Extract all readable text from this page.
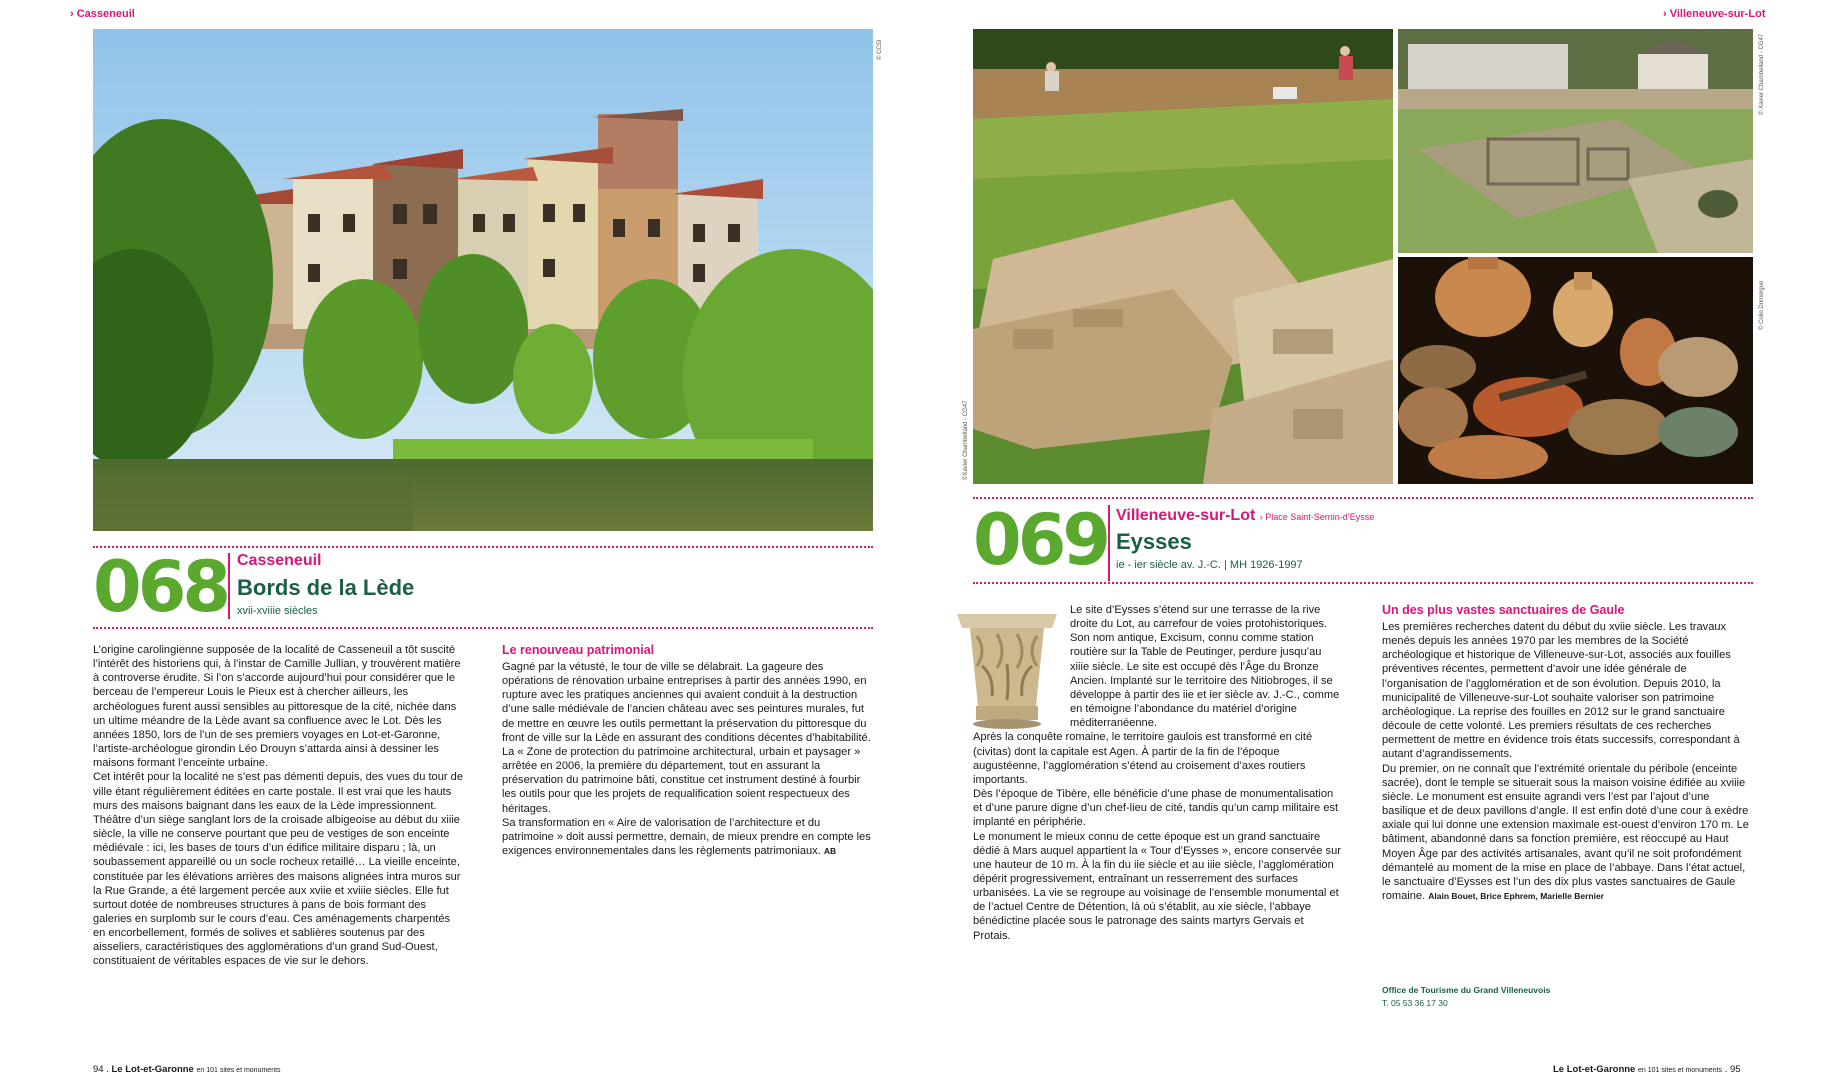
› Casseneuil
© CCSI
068 Casseneuil
Bords de la Lède
xvii-xviiie siècles

L’origine carolingienne supposée de la localité de Casseneuil a tôt suscité l’intérêt des historiens qui, à l’instar de Camille Jullian, y trouvèrent matière à controverse érudite. Si l’on s’accorde aujourd’hui pour considérer que le berceau de l’empereur Louis le Pieux est à chercher ailleurs, les archéologues furent aussi sensibles au pittoresque de la cité, nichée dans un ultime méandre de la Lède avant sa confluence avec le Lot. Dès les années 1850, lors de l’un de ses premiers voyages en Lot-et-Garonne, l’artiste-archéologue girondin Léo Drouyn s’attarda ainsi à dessiner les maisons formant l’enceinte urbaine.

Cet intérêt pour la localité ne s’est pas démenti depuis, des vues du tour de ville étant régulièrement éditées en carte postale. Il est vrai que les hauts murs des maisons baignant dans les eaux de la Lède impressionnent. Théâtre d’un siège sanglant lors de la croisade albigeoise au début du xiiie siècle, la ville ne conserve pourtant que peu de vestiges de son enceinte médiévale : ici, les bases de tours d’un édifice militaire disparu ; là, un soubassement appareillé ou un socle rocheux retaillé… La vieille enceinte, constituée par les élévations arrières des maisons alignées intra muros sur la Rue Grande, a été largement percée aux xviie et xviiie siècles. Elle fut surtout dotée de nombreuses structures à pans de bois formant des galeries en surplomb sur le cours d’eau. Ces aménagements charpentés en encorbellement, formés de solives et sablières soutenus par des aisseliers, caractéristiques des agglomérations d’un grand Sud-Ouest, constituaient de véritables espaces de vie sur le dehors.

Le renouveau patrimonial

Gagné par la vétusté, le tour de ville se délabrait. La gageure des opérations de rénovation urbaine entreprises à partir des années 1990, en rupture avec les pratiques anciennes qui avaient conduit à la destruction d’une salle médiévale de l’ancien château avec ses peintures murales, fut de mettre en œuvre les outils permettant la préservation du pittoresque du front de ville sur la Lède en assurant des conditions décentes d’habitabilité.

La « Zone de protection du patrimoine architectural, urbain et paysager » arrêtée en 2006, la première du département, tout en assurant la préservation du patrimoine bâti, constitue cet instrument destiné à fourbir les outils pour que les projets de requalification soient respectueux des héritages.

Sa transformation en « Aire de valorisation de l’architecture et du patrimoine » doit aussi permettre, demain, de mieux prendre en compte les exigences environnementales dans les règlements patrimoniaux. AB

94 . Le Lot-et-Garonne en 101 sites et monuments
› Villeneuve-sur-Lot
©Xavier Chambelland - CG47
© Xavier Chambelland - CG47
© Colin Domergue
069 Villeneuve-sur-Lot › Place Saint-Sernin-d’Eysse
Eysses
ie - ier siècle av. J.-C. | MH 1926-1997

Le site d’Eysses s’étend sur une terrasse de la rive droite du Lot, au carrefour de voies protohistoriques. Son nom antique, Excisum, connu comme station routière sur la Table de Peutinger, perdure jusqu’au xiiie siècle. Le site est occupé dès l’Âge du Bronze Ancien. Implanté sur le territoire des Nitiobroges, il se développe à partir des iie et ier siècle av. J.-C., comme en témoigne l’abondance du matériel d’origine méditerranéenne.

Après la conquête romaine, le territoire gaulois est transformé en cité (civitas) dont la capitale est Agen. À partir de la fin de l’époque augustéenne, l’agglomération s’étend au croisement d’axes routiers importants.

Dès l’époque de Tibère, elle bénéficie d’une phase de monumentalisation et d’une parure digne d’un chef-lieu de cité, tandis qu’un camp militaire est implanté en périphérie.

Le monument le mieux connu de cette époque est un grand sanctuaire dédié à Mars auquel appartient la « Tour d’Eysses », encore conservée sur une hauteur de 10 m. À la fin du iie siècle et au iiie siècle, l’agglomération dépérit progressivement, entraînant un resserrement des surfaces urbanisées. La vie se regroupe au voisinage de l’ensemble monumental et de l’actuel Centre de Détention, là où s’établit, au xie siècle, l’abbaye bénédictine placée sous le patronage des saints martyrs Gervais et Protais.

Un des plus vastes sanctuaires de Gaule

Les premières recherches datent du début du xviie siècle. Les travaux menés depuis les années 1970 par les membres de la Société archéologique et historique de Villeneuve-sur-Lot, associés aux fouilles préventives récentes, permettent d’avoir une idée générale de l’organisation de l’agglomération et de son évolution. Depuis 2010, la municipalité de Villeneuve-sur-Lot souhaite valoriser son patrimoine archéologique. La reprise des fouilles en 2012 sur le grand sanctuaire découle de cette volonté. Les premiers résultats de ces recherches permettent de mettre en évidence trois états successifs, correspondant à autant d’agrandissements.

Du premier, on ne connaît que l’extrémité orientale du péribole (enceinte sacrée), dont le temple se situerait sous la maison voisine édifiée au xviiie siècle. Le monument est ensuite agrandi vers l’est par l’ajout d’une basilique et de deux pavillons d’angle. Il est enfin doté d’une cour à exèdre axiale qui lui donne une extension maximale est-ouest d’environ 170 m. Le bâtiment, abandonné dans sa fonction première, est réoccupé au Haut Moyen Âge par des activités artisanales, avant qu’il ne soit profondément démantelé au moment de la mise en place de l’abbaye. Dans l’état actuel, le sanctuaire d’Eysses est l’un des dix plus vastes sanctuaires de Gaule romaine. Alain Bouet, Brice Ephrem, Marielle Bernier

Office de Tourisme du Grand Villeneuvois
T. 05 53 36 17 30
Le Lot-et-Garonne en 101 sites et monuments . 95
